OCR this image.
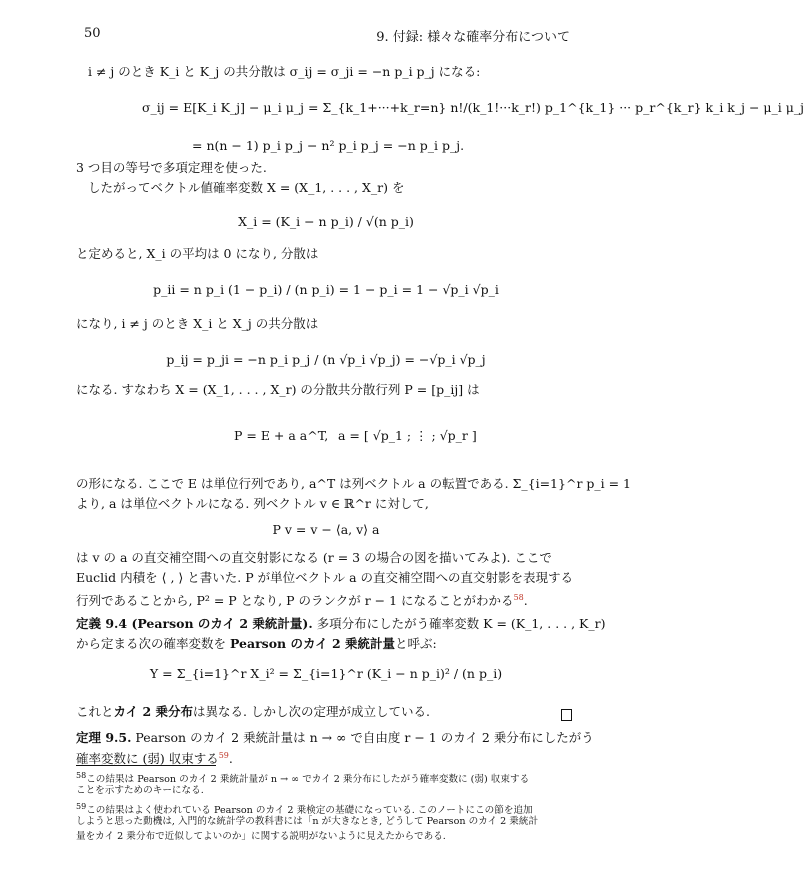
50	9. 付録: 様々な確率分布について
i ≠ j のとき K_i と K_j の共分散は σ_ij = σ_ji = −n p_i p_j になる:
σ_ij = E[K_i K_j] − μ_i μ_j = Σ_{k_1+···+k_r=n} n!/(k_1!···k_r!) p_1^{k_1} ··· p_r^{k_r} k_i k_j − μ_i μ_j
= n(n − 1) p_i p_j − n² p_i p_j = −n p_i p_j.
3 つ目の等号で多項定理を使った.
したがってベクトル値確率変数 X = (X_1, . . . , X_r) を
X_i = (K_i − n p_i) / √(n p_i)
と定めると, X_i の平均は 0 になり, 分散は
p_ii = n p_i (1 − p_i) / (n p_i) = 1 − p_i = 1 − √p_i √p_i
になり, i ≠ j のとき X_i と X_j の共分散は
p_ij = p_ji = −n p_i p_j / (n √p_i √p_j) = −√p_i √p_j
になる. すなわち X = (X_1, . . . , X_r) の分散共分散行列 P = [p_ij] は
P = E + a a^T, a = [ √p_1 ; ⋮ ; √p_r ]
の形になる. ここで E は単位行列であり, a^T は列ベクトル a の転置である. Σ_{i=1}^r p_i = 1
より, a は単位ベクトルになる. 列ベクトル v ∈ ℝ^r に対して,
P v = v − ⟨a, v⟩ a
は v の a の直交補空間への直交射影になる (r = 3 の場合の図を描いてみよ). ここで
Euclid 内積を ⟨ , ⟩ と書いた. P が単位ベクトル a の直交補空間への直交射影を表現する
行列であることから, P² = P となり, P のランクが r − 1 になることがわかる$^{58}$.
定義 9.4 (Pearson のカイ 2 乗統計量). 多項分布にしたがう確率変数 K = (K_1, . . . , K_r)
から定まる次の確率変数を Pearson のカイ 2 乗統計量と呼ぶ:
Y = Σ_{i=1}^r X_i² = Σ_{i=1}^r (K_i − n p_i)² / (n p_i)
これとカイ 2 乗分布は異なる. しかし次の定理が成立している.
定理 9.5. Pearson のカイ 2 乗統計量は n → ∞ で自由度 r − 1 のカイ 2 乗分布にしたがう
確率変数に (弱) 収束する$^{59}$.
$^{58}$この結果は Pearson のカイ 2 乗統計量が n → ∞ でカイ 2 乗分布にしたがう確率変数に (弱) 収束する
ことを示すためのキーになる.
$^{59}$この結果はよく使われている Pearson のカイ 2 乗検定の基礎になっている. このノートにこの節を追加
しようと思った動機は, 入門的な統計学の教科書には「n が大きなとき, どうして Pearson のカイ 2 乗統計
量をカイ 2 乗分布で近似してよいのか」に関する説明がないように見えたからである.
